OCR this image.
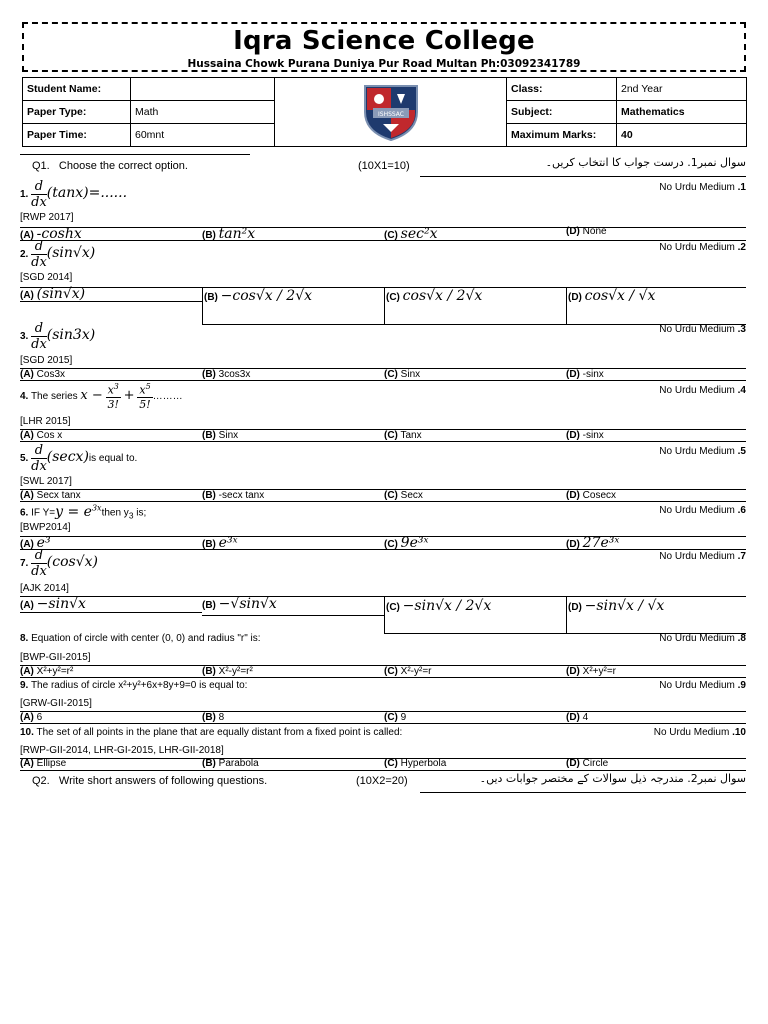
Iqra Science College
Hussaina Chowk Purana Duniya Pur Road Multan Ph:03092341789
Student Name:		ISHSSAC	Class:	2nd Year
Paper Type:	Math		Subject:	Mathematics
Paper Time:	60mnt		Maximum Marks:	40
Q1. Choose the correct option.	(10X1=10)	سوال نمبر1. درست جواب کا انتخاب کریں۔
1. $\frac{d}{dx} (\tan x)=$......	No Urdu Medium .1
[RWP 2017]
(A) -coshx	(B) tan²x	(C) sec²x	(D) None
2. $\frac{d}{dx} (\sin√x)$	No Urdu Medium .2
[SGD 2014]
(A) (sin√x)	(B) −cos√x / 2√x	(C) cos√x / 2√x	(D) cos√x / √x
3. $\frac{d}{dx} (\sin 3x)$	No Urdu Medium .3
[SGD 2015]
(A) Cos3x	(B) 3cos3x	(C) Sinx	(D) -sinx
4. The series $x - \frac{x^3}{3!} + \frac{x^5}{5!}$ ………
No Urdu Medium .4
[LHR 2015]
(A) Cos x	(B) Sinx	(C) Tanx	(D) -sinx
5. $\frac{d}{dx} (\sec x)is$ equal to.
No Urdu Medium .5
[SWL 2017]
(A) Secx tanx	(B) -secx tanx	(C) Secx	(D) Cosecx
6. IF $Y=y = e^{3x}then$ $y_3$ is;	No Urdu Medium .6
[BWP2014]
(A) e³	(B) e³ˣ	(C) 9e³ˣ	(D) 27e³ˣ
7. $\frac{d}{dx} (\cos√x)$	No Urdu Medium .7
[AJK 2014]
(A) −sin√x	(B) −√sin√x	(C) −sin√x / 2√x	(D) −sin√x / √x
8. Equation of circle with center (0, 0) and radius "r" is:	No Urdu Medium .8
[BWP-GII-2015]
(A) X²+y²=r²	(B) X²-y²=r²	(C) X²-y²=r	(D) X²+y²=r
9. The radius of circle x²+y²+6x+8y+9=0 is equal to:	No Urdu Medium .9
[GRW-GII-2015]
(A) 6	(B) 8	(C) 9	(D) 4
10. The set of all points in the plane that are equally distant from a fixed point is called:	No Urdu Medium .10
[RWP-GII-2014, LHR-GI-2015, LHR-GII-2018]
(A) Ellipse	(B) Parabola	(C) Hyperbola	(D) Circle
Q2. Write short answers of following questions.	(10X2=20)	سوال نمبر2. مندرجہ ذیل سوالات کے مختصر جوابات دیں۔
